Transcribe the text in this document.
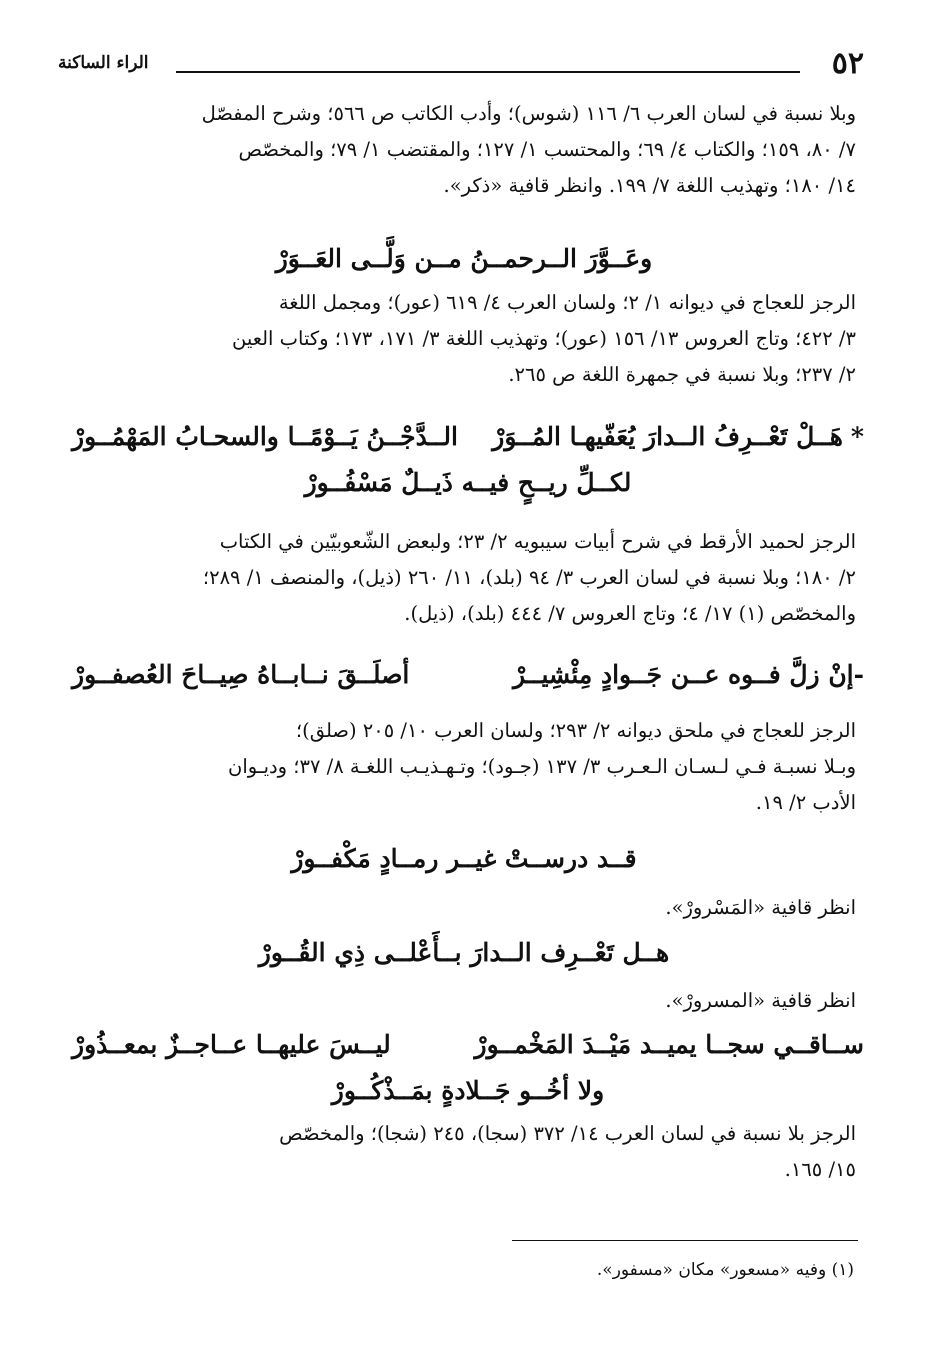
٥٢
الراء الساكنة

وبلا نسبة في لسان العرب ٦/ ١١٦ (شوس)؛ وأدب الكاتب ص ٥٦٦؛ وشرح المفصّل

٧/ ٨٠، ١٥٩؛ والكتاب ٤/ ٦٩؛ والمحتسب ١/ ١٢٧؛ والمقتضب ١/ ٧٩؛ والمخصّص

١٤/ ١٨٠؛ وتهذيب اللغة ٧/ ١٩٩. وانظر قافية «ذكر».

وعَــوَّرَ الــرحمــنُ مــن وَلَّــى العَــوَرْ

الرجز للعجاج في ديوانه ١/ ٢؛ ولسان العرب ٤/ ٦١٩ (عور)؛ ومجمل اللغة

٣/ ٤٢٢؛ وتاج العروس ١٣/ ١٥٦ (عور)؛ وتهذيب اللغة ٣/ ١٧١، ١٧٣؛ وكتاب العين

٢/ ٢٣٧؛ وبلا نسبة في جمهرة اللغة ص ٢٦٥.

*هَــلْ تَعْــرِفُ الــدارَ يُعَفّيهـا المُــوَرْ
الــدَّجْــنُ يَــوْمًــا والسحـابُ المَهْمُــورْ
لكــلِّ ريــحٍ فيــه ذَيــلٌ مَسْفُــورْ

الرجز لحميد الأرقط في شرح أبيات سيبويه ٢/ ٢٣؛ ولبعض الشّعوبيّين في الكتاب

٢/ ١٨٠؛ وبلا نسبة في لسان العرب ٣/ ٩٤ (بلد)، ١١/ ٢٦٠ (ذيل)، والمنصف ١/ ٢٨٩؛

والمخصّص (١) ١٧/ ٤؛ وتاج العروس ٧/ ٤٤٤ (بلد)، (ذيل).

-إنْ زلَّ فــوه عــن جَــوادٍ مِئْشِيــرْ
أصلَــقَ نــابــاهُ صِيــاحَ العُصفــورْ

الرجز للعجاج في ملحق ديوانه ٢/ ٢٩٣؛ ولسان العرب ١٠/ ٢٠٥ (صلق)؛

وبـلا نسبـة فـي لـسـان الـعـرب ٣/ ١٣٧ (جـود)؛ وتـهـذيـب اللغـة ٨/ ٣٧؛ وديـوان

الأدب ٢/ ١٩.

قــد درســتْ غيــر رمــادٍ مَكْفــورْ

انظر قافية «المَسْرورْ».

هــل تَعْــرِف الــدارَ بــأَعْلــى ذِي القُــورْ

انظر قافية «المسرورْ».

ســاقــي سجــا يميــد مَيْــدَ المَخْمــورْ
ليــسَ عليهــا عــاجــزٌ بمعــذُورْ
ولا أخُــو جَــلادةٍ بمَــذْكُــورْ

الرجز بلا نسبة في لسان العرب ١٤/ ٣٧٢ (سجا)، ٢٤٥ (شجا)؛ والمخصّص

١٥/ ١٦٥.

(١) وفيه «مسعور» مكان «مسفور».
